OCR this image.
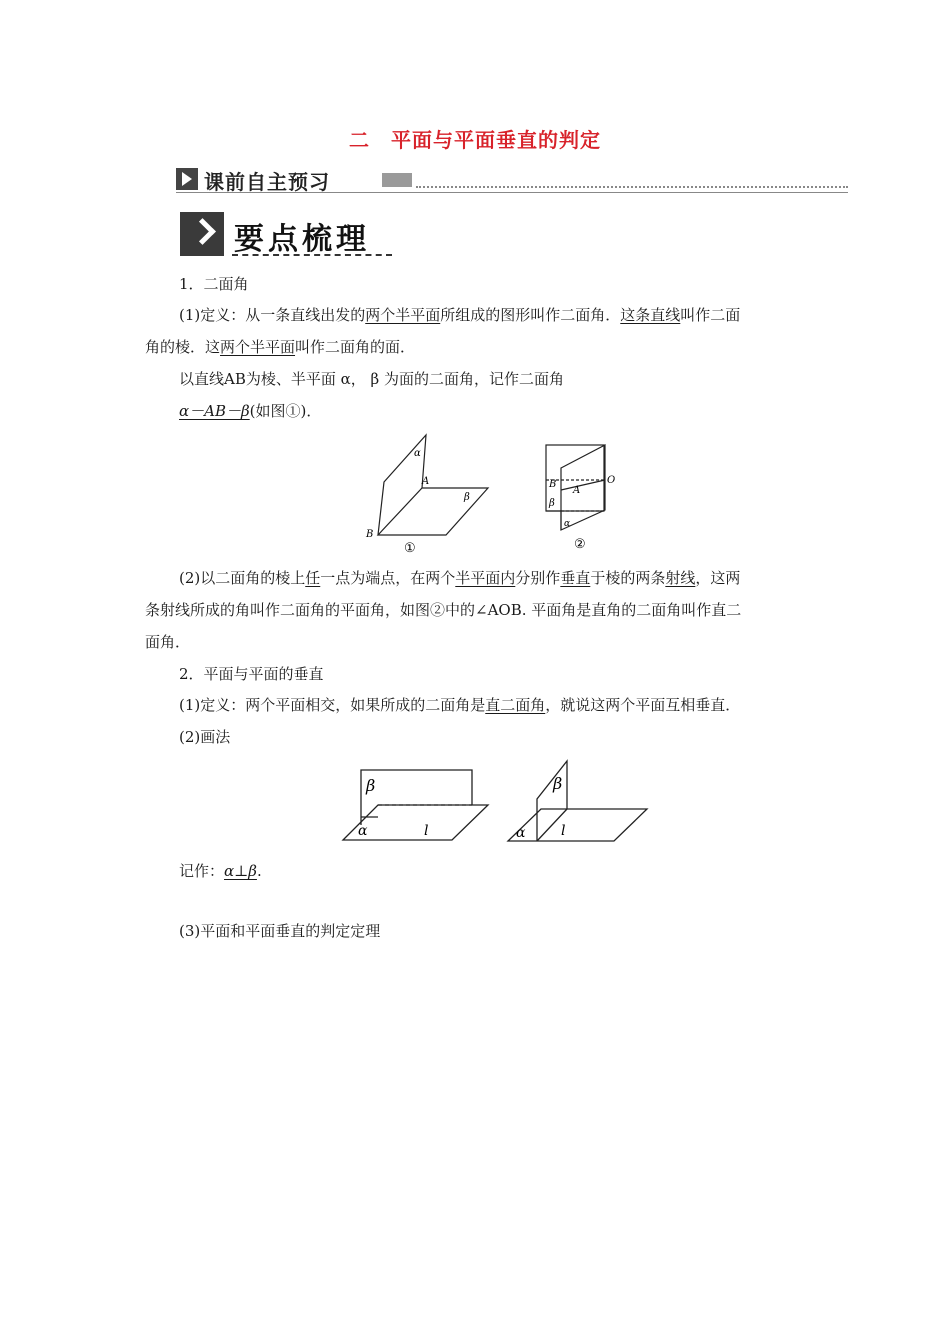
二　平面与平面垂直的判定
课前自主预习
要点梳理
1．二面角
(1)定义：从一条直线出发的两个半平面所组成的图形叫作二面角．这条直线叫作二面
角的棱．这两个半平面叫作二面角的面．
以直线AB为棱、半平面 α， β 为面的二面角，记作二面角
α－AB－β(如图①)．
α
A
β
B
①
B
A
O
β
α
②
(2)以二面角的棱上任一点为端点，在两个半平面内分别作垂直于棱的两条射线，这两
条射线所成的角叫作二面角的平面角，如图②中的∠AOB. 平面角是直角的二面角叫作直二
面角．
2．平面与平面的垂直
(1)定义：两个平面相交，如果所成的二面角是直二面角，就说这两个平面互相垂直．
(2)画法
β
α	l
β
α	l
记作：α⊥β.
(3)平面和平面垂直的判定定理
